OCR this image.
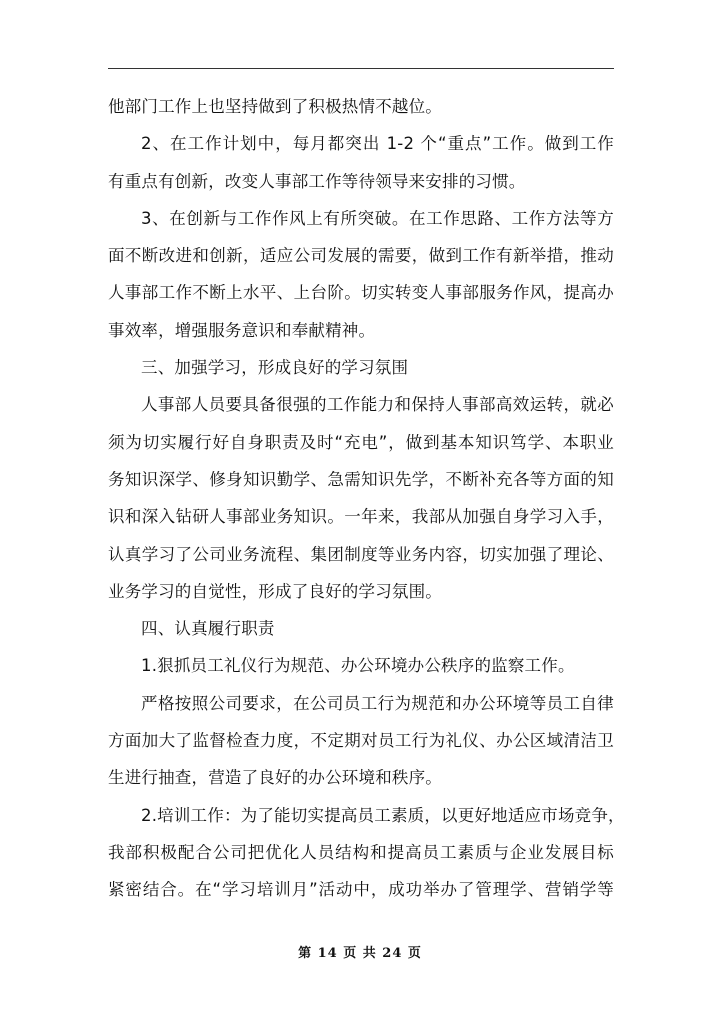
他部门工作上也坚持做到了积极热情不越位。
2、在工作计划中，每月都突出 1-2 个“重点”工作。做到工作
有重点有创新，改变人事部工作等待领导来安排的习惯。
3、在创新与工作作风上有所突破。在工作思路、工作方法等方
面不断改进和创新，适应公司发展的需要，做到工作有新举措，推动
人事部工作不断上水平、上台阶。切实转变人事部服务作风，提高办
事效率，增强服务意识和奉献精神。
三、加强学习，形成良好的学习氛围
人事部人员要具备很强的工作能力和保持人事部高效运转，就必
须为切实履行好自身职责及时“充电”，做到基本知识笃学、本职业
务知识深学、修身知识勤学、急需知识先学，不断补充各等方面的知
识和深入钻研人事部业务知识。一年来，我部从加强自身学习入手，
认真学习了公司业务流程、集团制度等业务内容，切实加强了理论、
业务学习的自觉性，形成了良好的学习氛围。
四、认真履行职责
1.狠抓员工礼仪行为规范、办公环境办公秩序的监察工作。
严格按照公司要求，在公司员工行为规范和办公环境等员工自律
方面加大了监督检查力度，不定期对员工行为礼仪、办公区域清洁卫
生进行抽查，营造了良好的办公环境和秩序。
2.培训工作：为了能切实提高员工素质，以更好地适应市场竞争，
我部积极配合公司把优化人员结构和提高员工素质与企业发展目标
紧密结合。在“学习培训月”活动中，成功举办了管理学、营销学等
第 14 页 共 24 页
